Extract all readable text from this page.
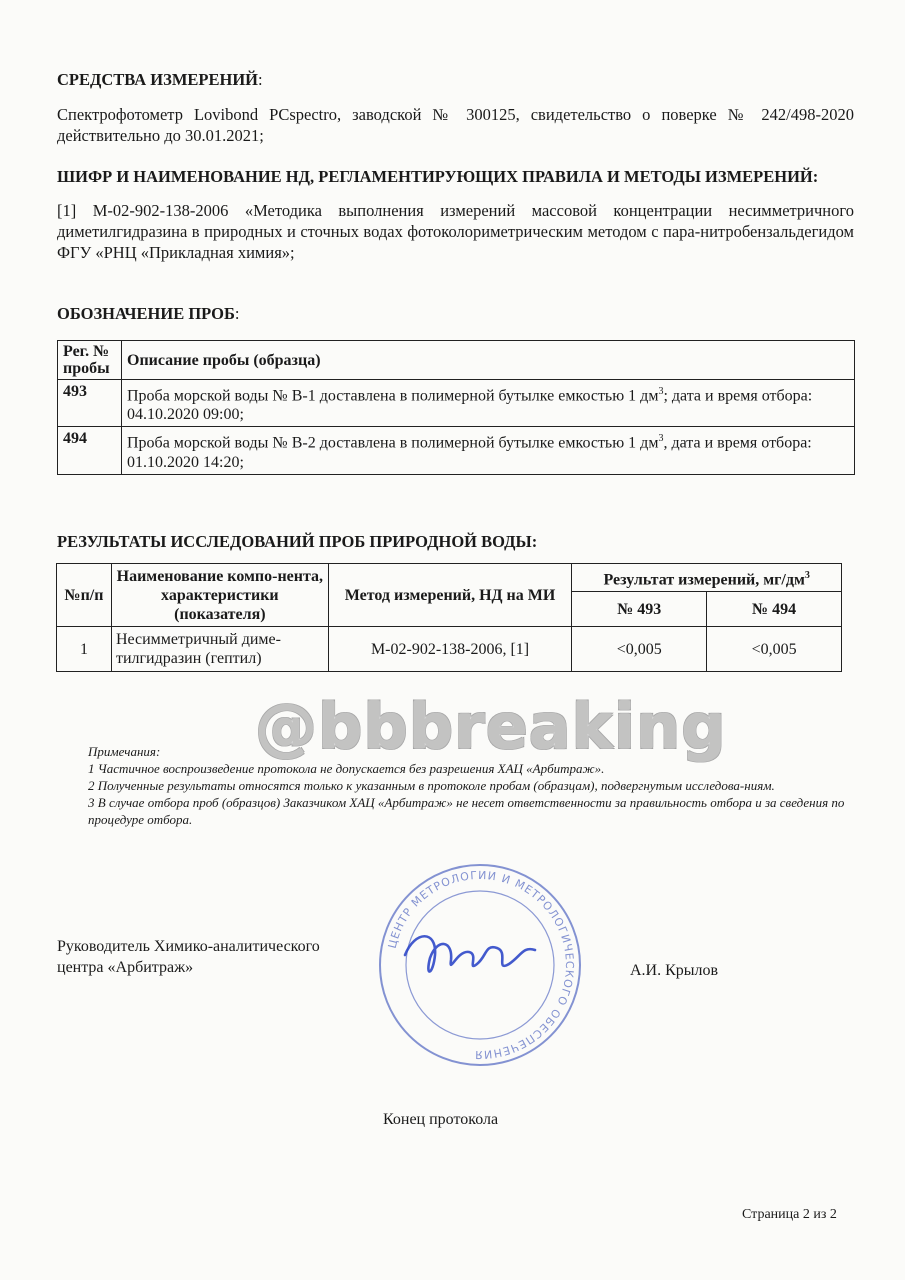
СРЕДСТВА ИЗМЕРЕНИЙ:

Спектрофотометр Lovibond PCspectro, заводской № 300125, свидетельство о поверке № 242/498-2020 действительно до 30.01.2021;

ШИФР И НАИМЕНОВАНИЕ НД, РЕГЛАМЕНТИРУЮЩИХ ПРАВИЛА И МЕТОДЫ ИЗМЕРЕНИЙ:

[1] М-02-902-138-2006 «Методика выполнения измерений массовой концентрации несимметричного диметилгидразина в природных и сточных водах фотоколориметрическим методом с пара-нитробензальдегидом ФГУ «РНЦ «Прикладная химия»;

ОБОЗНАЧЕНИЕ ПРОБ:
Рег. № пробы	Описание пробы (образца)
493	Проба морской воды № В-1 доставлена в полимерной бутылке емкостью 1 $дм^3$; дата и время отбора: 04.10.2020 09:00;
494	Проба морской воды № В-2 доставлена в полимерной бутылке емкостью 1 $дм^3$, дата и время отбора: 01.10.2020 14:20;
РЕЗУЛЬТАТЫ ИССЛЕДОВАНИЙ ПРОБ ПРИРОДНОЙ ВОДЫ:
№п/п	Наименование компо-нента, характеристики (показателя)	Метод измерений, НД на МИ	Результат измерений, $мг/дм^3$
			№ 493	№ 494
1	Несимметричный диме-тилгидразин (гептил)	М-02-902-138-2006, [1]	<0,005	<0,005
@bbbreaking
Примечания:
1 Частичное воспроизведение протокола не допускается без разрешения ХАЦ «Арбитраж».
2 Полученные результаты относятся только к указанным в протоколе пробам (образцам), подвергнутым исследова-ниям.
3 В случае отбора проб (образцов) Заказчиком ХАЦ «Арбитраж» не несет ответственности за правильность отбора и за сведения по процедуре отбора.
ЦЕНТР МЕТРОЛОГИИ И МЕТРОЛОГИЧЕСКОГО ОБЕСПЕЧЕНИЯ
Руководитель Химико-аналитического
центра «Арбитраж»	А.И. Крылов
Конец протокола
Страница 2 из 2
